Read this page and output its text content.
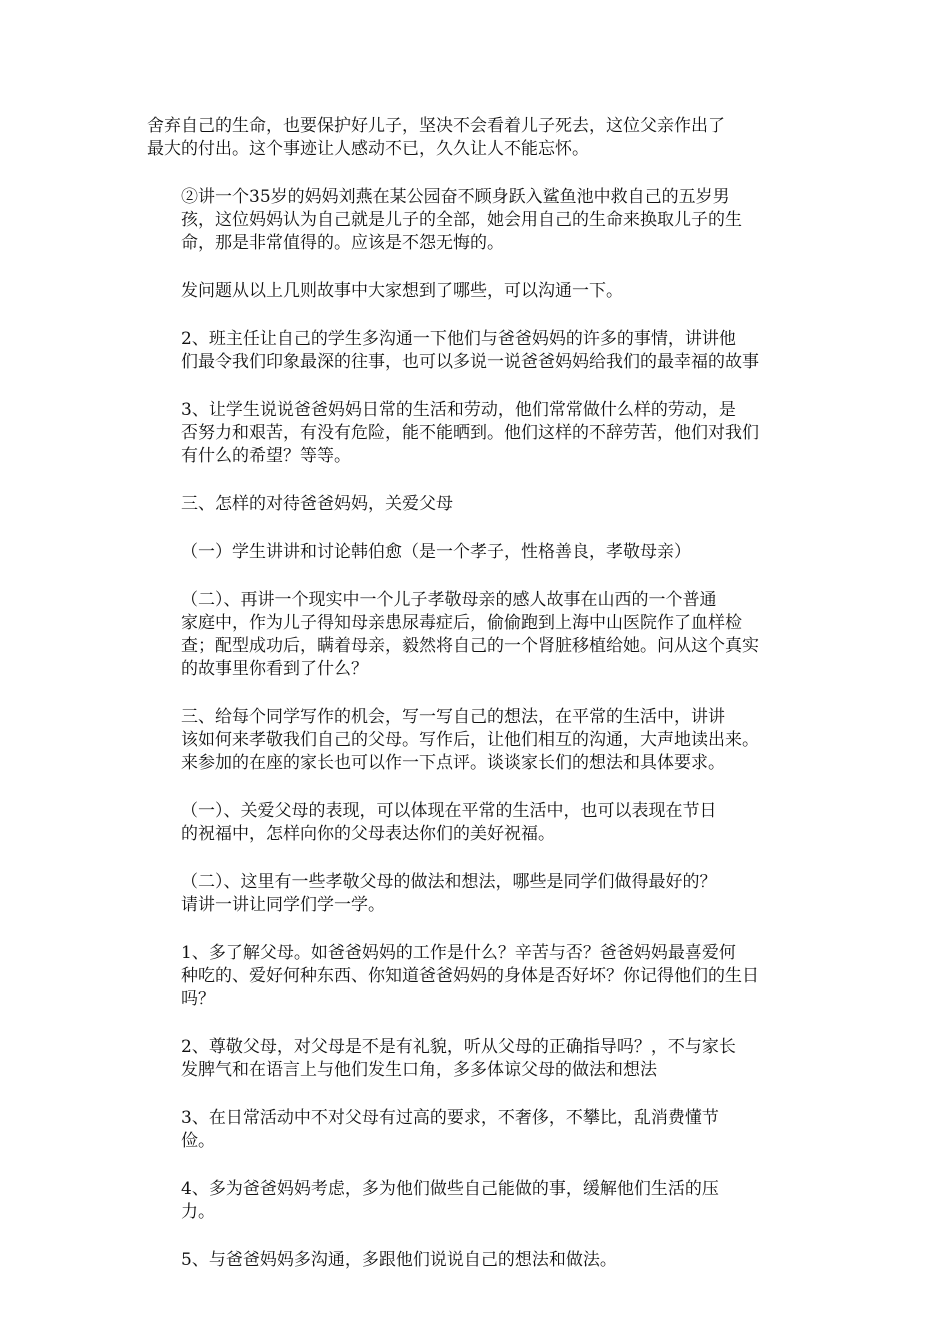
舍弃自己的生命，也要保护好儿子，坚决不会看着儿子死去，这位父亲作出了
最大的付出。这个事迹让人感动不已，久久让人不能忘怀。

②讲一个35岁的妈妈刘燕在某公园奋不顾身跃入鲨鱼池中救自己的五岁男
孩，这位妈妈认为自己就是儿子的全部，她会用自己的生命来换取儿子的生
命，那是非常值得的。应该是不怨无悔的。

发问题从以上几则故事中大家想到了哪些，可以沟通一下。

2、班主任让自己的学生多沟通一下他们与爸爸妈妈的许多的事情，讲讲他
们最令我们印象最深的往事，也可以多说一说爸爸妈妈给我们的最幸福的故事

3、让学生说说爸爸妈妈日常的生活和劳动，他们常常做什么样的劳动，是
否努力和艰苦，有没有危险，能不能晒到。他们这样的不辞劳苦，他们对我们
有什么的希望？等等。

三、怎样的对待爸爸妈妈，关爱父母

（一）学生讲讲和讨论韩伯愈（是一个孝子，性格善良，孝敬母亲）

（二）、再讲一个现实中一个儿子孝敬母亲的感人故事在山西的一个普通
家庭中，作为儿子得知母亲患尿毒症后，偷偷跑到上海中山医院作了血样检
查；配型成功后，瞒着母亲，毅然将自己的一个肾脏移植给她。问从这个真实
的故事里你看到了什么？

三、给每个同学写作的机会，写一写自己的想法，在平常的生活中，讲讲
该如何来孝敬我们自己的父母。写作后，让他们相互的沟通，大声地读出来。
来参加的在座的家长也可以作一下点评。谈谈家长们的想法和具体要求。

（一）、关爱父母的表现，可以体现在平常的生活中，也可以表现在节日
的祝福中，怎样向你的父母表达你们的美好祝福。

（二）、这里有一些孝敬父母的做法和想法，哪些是同学们做得最好的？
请讲一讲让同学们学一学。

1、多了解父母。如爸爸妈妈的工作是什么？辛苦与否？爸爸妈妈最喜爱何
种吃的、爱好何种东西、你知道爸爸妈妈的身体是否好坏？你记得他们的生日
吗？

2、尊敬父母，对父母是不是有礼貌，听从父母的正确指导吗？，不与家长
发脾气和在语言上与他们发生口角，多多体谅父母的做法和想法

3、在日常活动中不对父母有过高的要求，不奢侈，不攀比，乱消费懂节
俭。

4、多为爸爸妈妈考虑，多为他们做些自己能做的事，缓解他们生活的压
力。

5、与爸爸妈妈多沟通，多跟他们说说自己的想法和做法。
